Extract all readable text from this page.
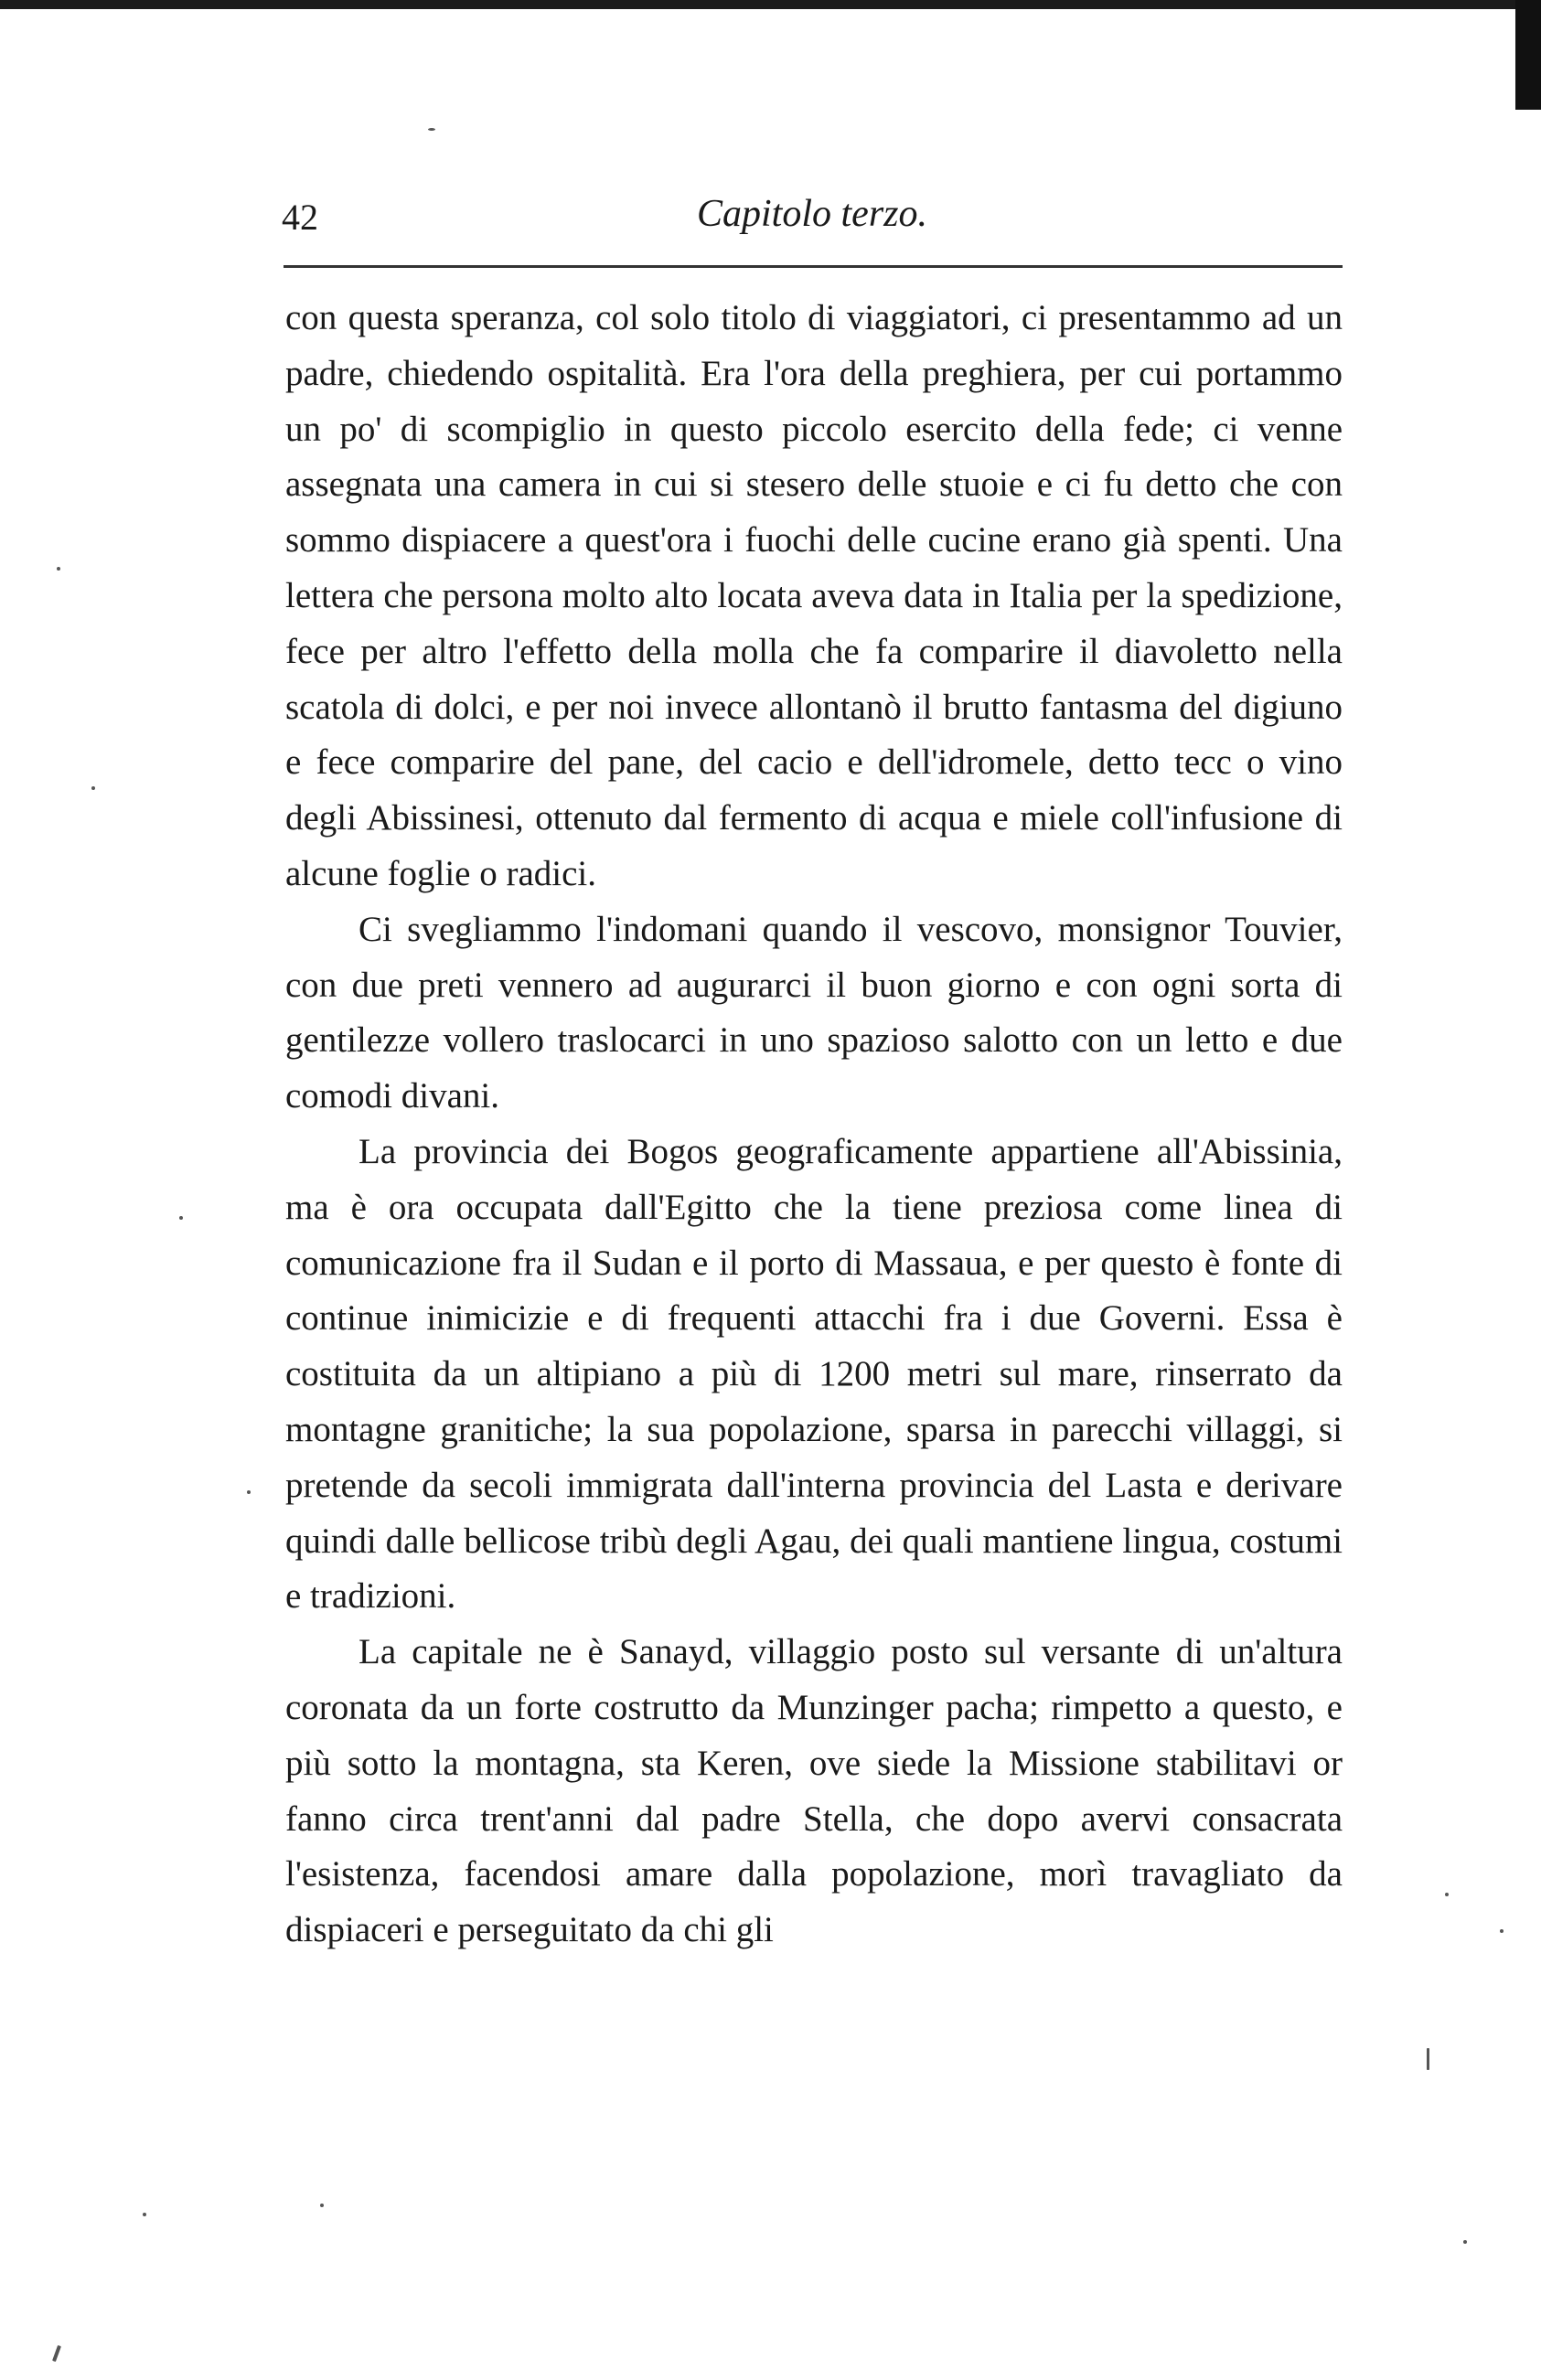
42	Capitolo terzo.

con questa speranza, col solo titolo di viaggiatori, ci presentammo ad un padre, chiedendo ospitalità. Era l'ora della preghiera, per cui portammo un po' di scompiglio in questo piccolo esercito della fede; ci venne assegnata una camera in cui si stesero delle stuoie e ci fu detto che con sommo dispiacere a quest'ora i fuochi delle cucine erano già spenti. Una lettera che persona molto alto locata aveva data in Italia per la spedizione, fece per altro l'effetto della molla che fa comparire il diavoletto nella scatola di dolci, e per noi invece allontanò il brutto fantasma del digiuno e fece comparire del pane, del cacio e dell'idromele, detto tecc o vino degli Abissinesi, ottenuto dal fermento di acqua e miele coll'infusione di alcune foglie o radici.

Ci svegliammo l'indomani quando il vescovo, monsignor Touvier, con due preti vennero ad augurarci il buon giorno e con ogni sorta di gentilezze vollero traslocarci in uno spazioso salotto con un letto e due comodi divani.

La provincia dei Bogos geograficamente appartiene all'Abissinia, ma è ora occupata dall'Egitto che la tiene preziosa come linea di comunicazione fra il Sudan e il porto di Massaua, e per questo è fonte di continue inimicizie e di frequenti attacchi fra i due Governi. Essa è costituita da un altipiano a più di 1200 metri sul mare, rinserrato da montagne granitiche; la sua popolazione, sparsa in parecchi villaggi, si pretende da secoli immigrata dall'interna provincia del Lasta e derivare quindi dalle bellicose tribù degli Agau, dei quali mantiene lingua, costumi e tradizioni.

La capitale ne è Sanayd, villaggio posto sul versante di un'altura coronata da un forte costrutto da Munzinger pacha; rimpetto a questo, e più sotto la montagna, sta Keren, ove siede la Missione stabilitavi or fanno circa trent'anni dal padre Stella, che dopo avervi consacrata l'esistenza, facendosi amare dalla popolazione, morì travagliato da dispiaceri e perseguitato da chi gli
